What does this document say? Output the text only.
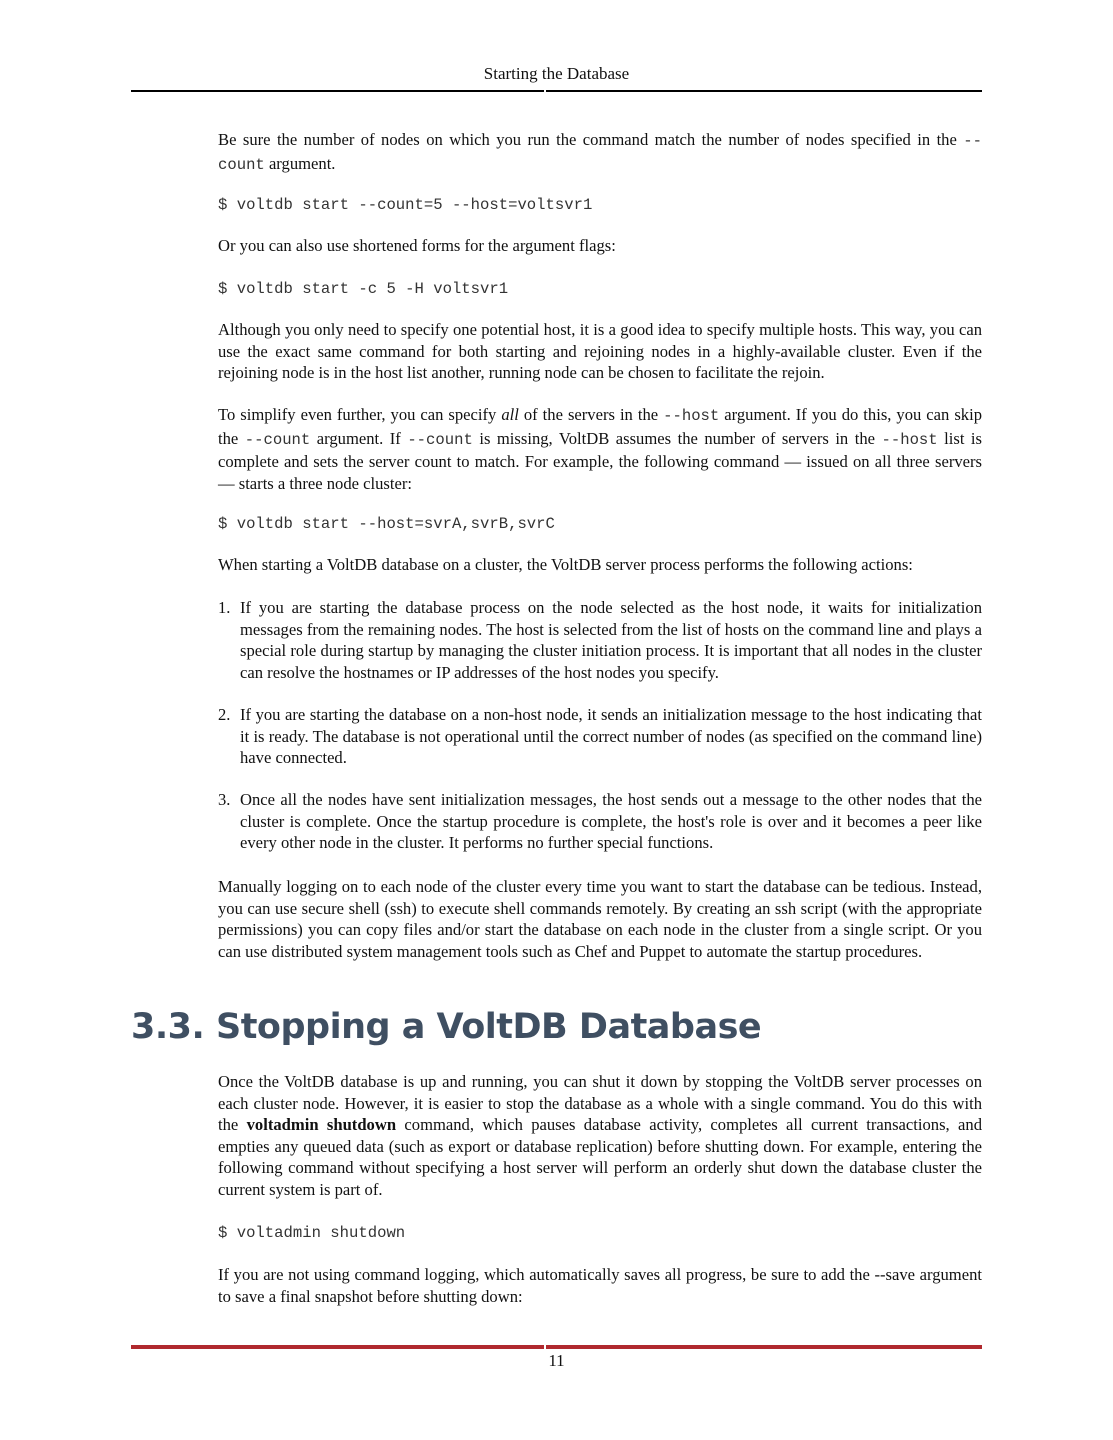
Starting the Database

Be sure the number of nodes on which you run the command match the number of nodes specified in the --count argument.

$ voltdb start --count=5 --host=voltsvr1

Or you can also use shortened forms for the argument flags:

$ voltdb start -c 5 -H voltsvr1

Although you only need to specify one potential host, it is a good idea to specify multiple hosts. This way, you can use the exact same command for both starting and rejoining nodes in a highly-available cluster. Even if the rejoining node is in the host list another, running node can be chosen to facilitate the rejoin.

To simplify even further, you can specify all of the servers in the --host argument. If you do this, you can skip the --count argument. If --count is missing, VoltDB assumes the number of servers in the --host list is complete and sets the server count to match. For example, the following command — issued on all three servers — starts a three node cluster:

$ voltdb start --host=svrA,svrB,svrC

When starting a VoltDB database on a cluster, the VoltDB server process performs the following actions:

1. If you are starting the database process on the node selected as the host node, it waits for initialization messages from the remaining nodes. The host is selected from the list of hosts on the command line and plays a special role during startup by managing the cluster initiation process. It is important that all nodes in the cluster can resolve the hostnames or IP addresses of the host nodes you specify.

2. If you are starting the database on a non-host node, it sends an initialization message to the host indicating that it is ready. The database is not operational until the correct number of nodes (as specified on the command line) have connected.

3. Once all the nodes have sent initialization messages, the host sends out a message to the other nodes that the cluster is complete. Once the startup procedure is complete, the host's role is over and it becomes a peer like every other node in the cluster. It performs no further special functions.

Manually logging on to each node of the cluster every time you want to start the database can be tedious. Instead, you can use secure shell (ssh) to execute shell commands remotely. By creating an ssh script (with the appropriate permissions) you can copy files and/or start the database on each node in the cluster from a single script. Or you can use distributed system management tools such as Chef and Puppet to automate the startup procedures.

3.3. Stopping a VoltDB Database

Once the VoltDB database is up and running, you can shut it down by stopping the VoltDB server processes on each cluster node. However, it is easier to stop the database as a whole with a single command. You do this with the voltadmin shutdown command, which pauses database activity, completes all current transactions, and empties any queued data (such as export or database replication) before shutting down. For example, entering the following command without specifying a host server will perform an orderly shut down the database cluster the current system is part of.

$ voltadmin shutdown

If you are not using command logging, which automatically saves all progress, be sure to add the --save argument to save a final snapshot before shutting down:

11
